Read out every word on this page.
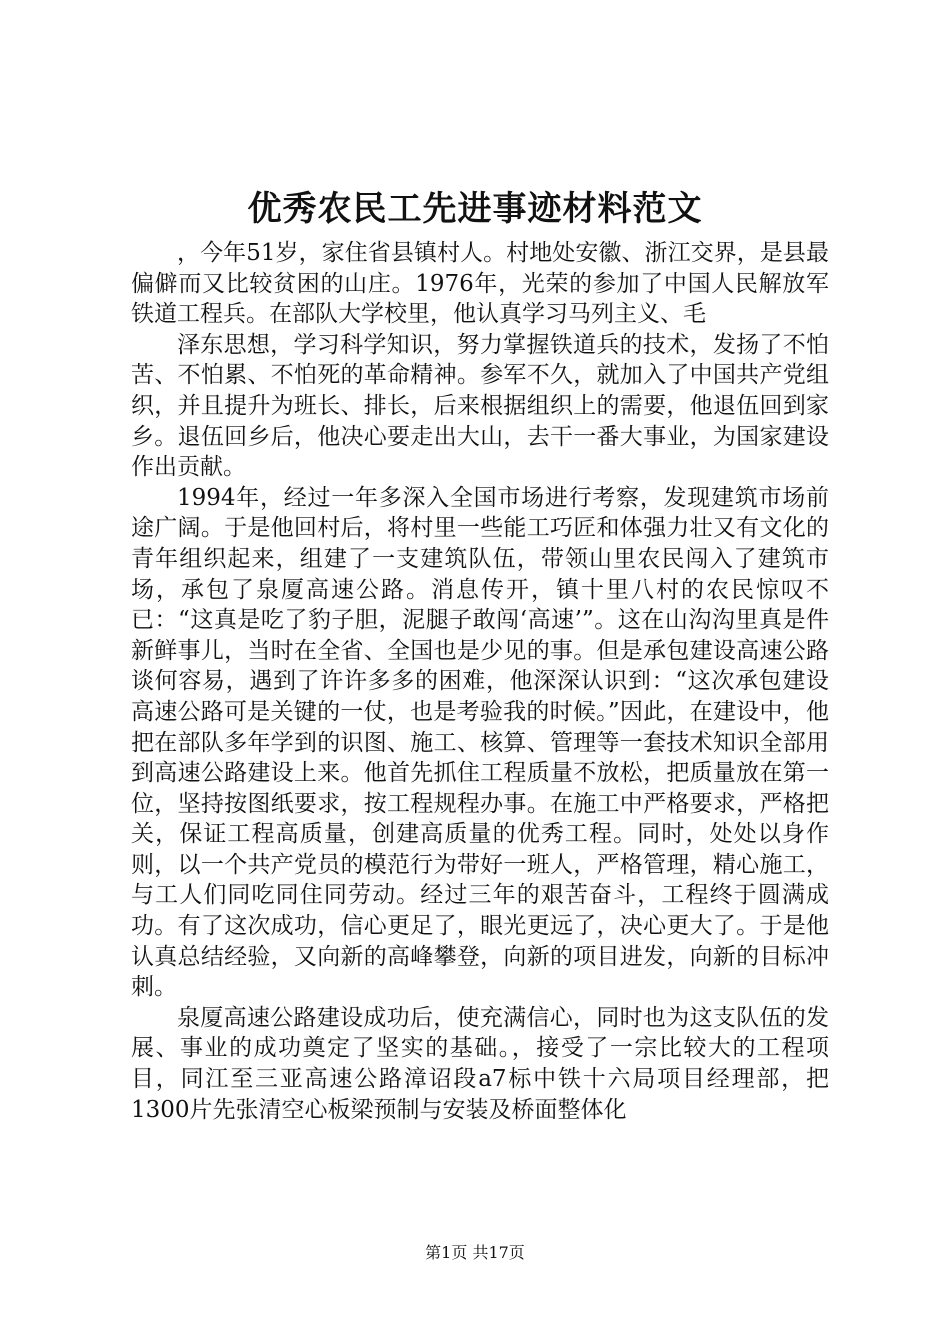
优秀农民工先进事迹材料范文

，今年51岁，家住省县镇村人。村地处安徽、浙江交界，是县最偏僻而又比较贫困的山庄。1976年，光荣的参加了中国人民解放军铁道工程兵。在部队大学校里，他认真学习马列主义、毛

泽东思想，学习科学知识，努力掌握铁道兵的技术，发扬了不怕苦、不怕累、不怕死的革命精神。参军不久，就加入了中国共产党组织，并且提升为班长、排长，后来根据组织上的需要，他退伍回到家乡。退伍回乡后，他决心要走出大山，去干一番大事业，为国家建设作出贡献。

1994年，经过一年多深入全国市场进行考察，发现建筑市场前途广阔。于是他回村后，将村里一些能工巧匠和体强力壮又有文化的青年组织起来，组建了一支建筑队伍，带领山里农民闯入了建筑市场，承包了泉厦高速公路。消息传开，镇十里八村的农民惊叹不已：“这真是吃了豹子胆，泥腿子敢闯‘高速’”。这在山沟沟里真是件新鲜事儿，当时在全省、全国也是少见的事。但是承包建设高速公路谈何容易，遇到了许许多多的困难，他深深认识到：“这次承包建设高速公路可是关键的一仗，也是考验我的时候。”因此，在建设中，他把在部队多年学到的识图、施工、核算、管理等一套技术知识全部用到高速公路建设上来。他首先抓住工程质量不放松，把质量放在第一位，坚持按图纸要求，按工程规程办事。在施工中严格要求，严格把关，保证工程高质量，创建高质量的优秀工程。同时，处处以身作则，以一个共产党员的模范行为带好一班人，严格管理，精心施工，与工人们同吃同住同劳动。经过三年的艰苦奋斗，工程终于圆满成功。有了这次成功，信心更足了，眼光更远了，决心更大了。于是他认真总结经验，又向新的高峰攀登，向新的项目进发，向新的目标冲刺。

泉厦高速公路建设成功后，使充满信心，同时也为这支队伍的发展、事业的成功奠定了坚实的基础。，接受了一宗比较大的工程项目，同江至三亚高速公路漳诏段a7标中铁十六局项目经理部，把1300片先张清空心板梁预制与安装及桥面整体化

第1页 共17页
